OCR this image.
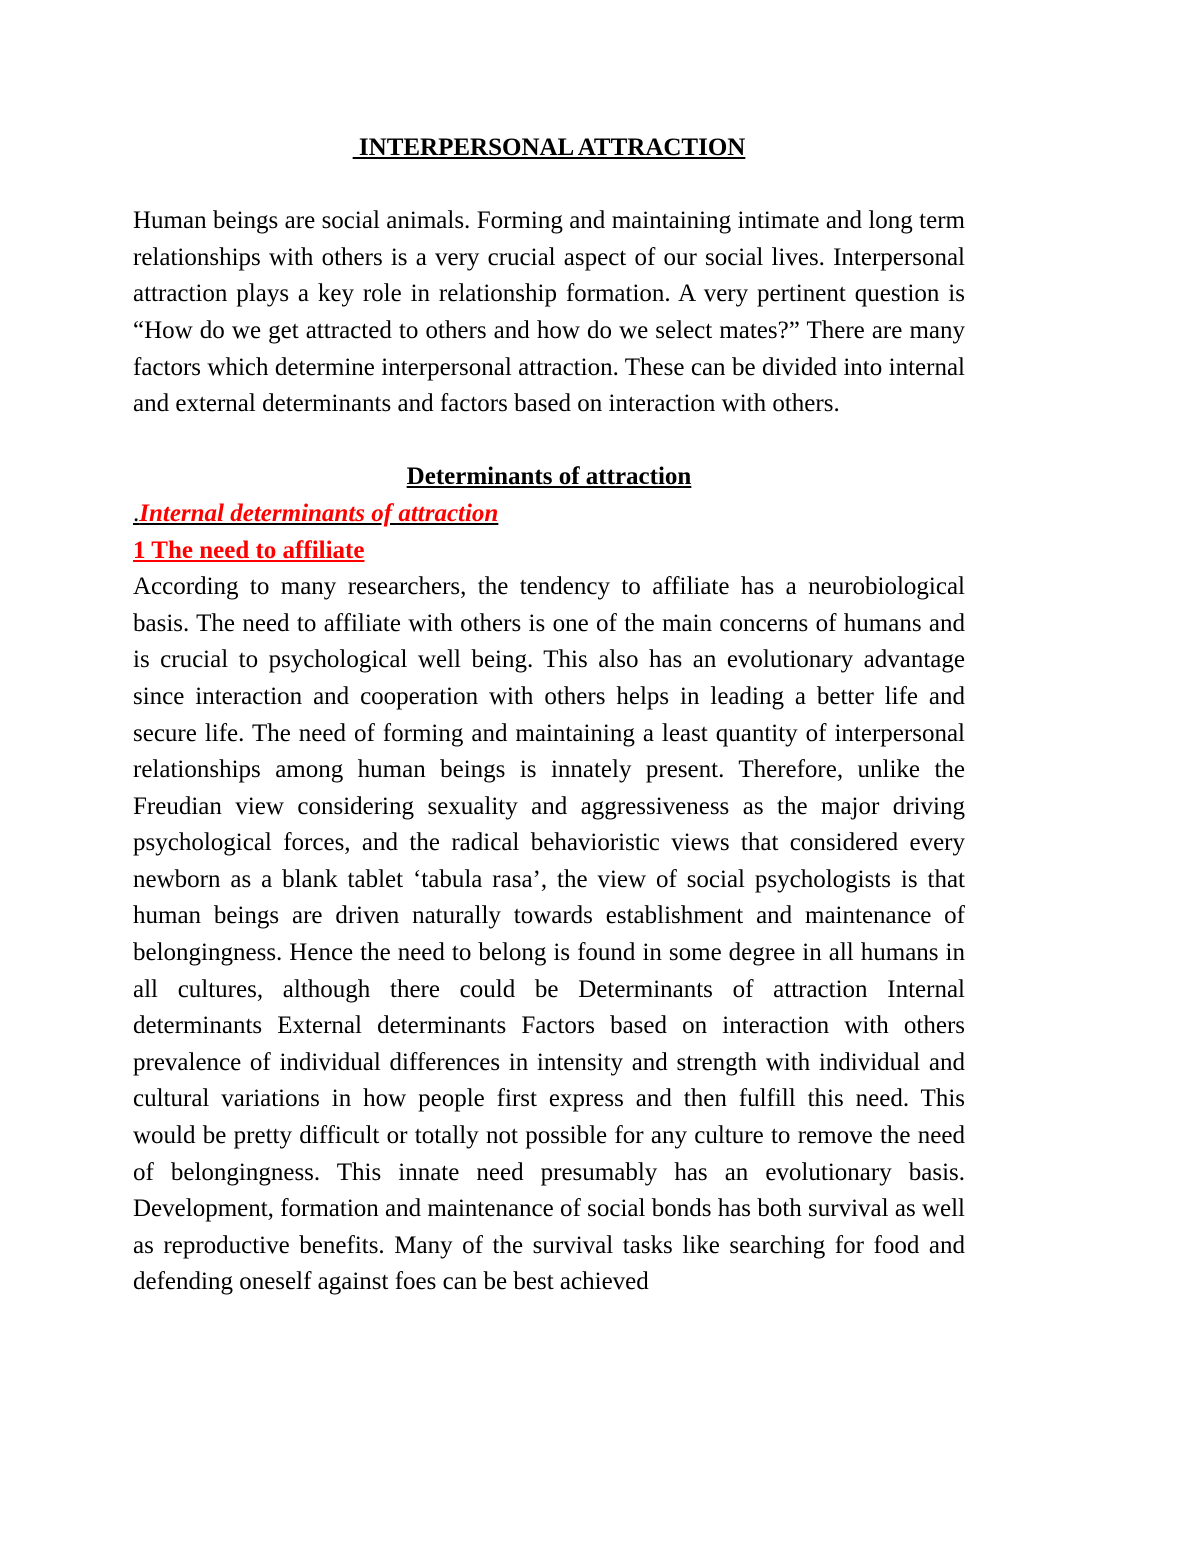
INTERPERSONAL ATTRACTION

Human beings are social animals. Forming and maintaining intimate and long term relationships with others is a very crucial aspect of our social lives. Interpersonal attraction plays a key role in relationship formation. A very pertinent question is “How do we get attracted to others and how do we select mates?” There are many factors which determine interpersonal attraction. These can be divided into internal and external determinants and factors based on interaction with others.

Determinants of attraction
.Internal determinants of attraction
1 The need to affiliate

According to many researchers, the tendency to affiliate has a neurobiological basis. The need to affiliate with others is one of the main concerns of humans and is crucial to psychological well being. This also has an evolutionary advantage since interaction and cooperation with others helps in leading a better life and secure life. The need of forming and maintaining a least quantity of interpersonal relationships among human beings is innately present. Therefore, unlike the Freudian view considering sexuality and aggressiveness as the major driving psychological forces, and the radical behavioristic views that considered every newborn as a blank tablet ‘tabula rasa’, the view of social psychologists is that human beings are driven naturally towards establishment and maintenance of belongingness. Hence the need to belong is found in some degree in all humans in all cultures, although there could be Determinants of attraction Internal determinants External determinants Factors based on interaction with others prevalence of individual differences in intensity and strength with individual and cultural variations in how people first express and then fulfill this need. This would be pretty difficult or totally not possible for any culture to remove the need of belongingness. This innate need presumably has an evolutionary basis. Development, formation and maintenance of social bonds has both survival as well as reproductive benefits. Many of the survival tasks like searching for food and defending oneself against foes can be best achieved
